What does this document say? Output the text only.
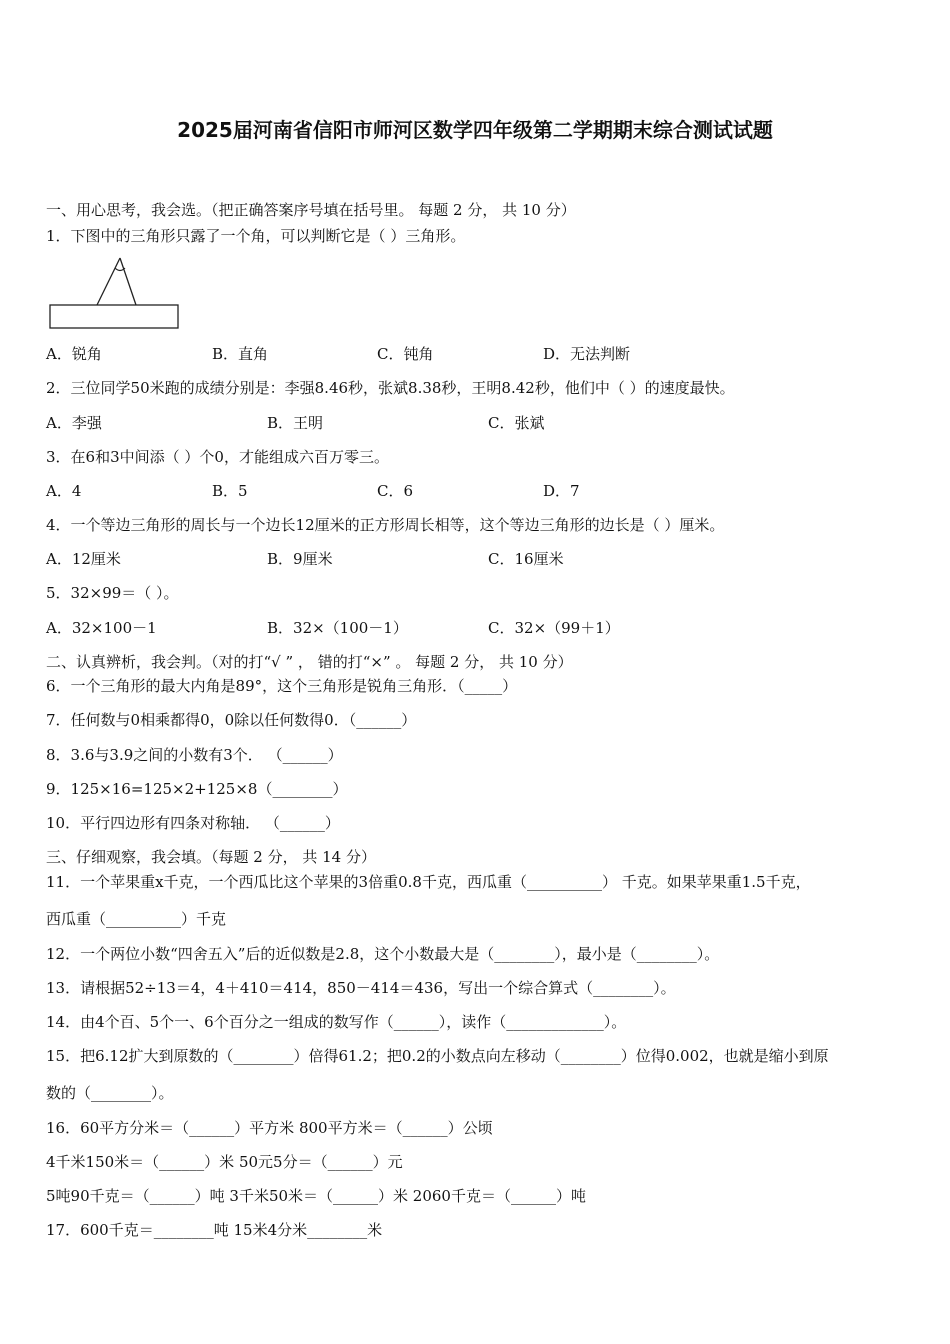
2025届河南省信阳市师河区数学四年级第二学期期末综合测试试题
一、用心思考，我会选。（把正确答案序号填在括号里。 每题 2 分， 共 10 分）
1．下图中的三角形只露了一个角，可以判断它是（ ）三角形。
A．锐角	B．直角	C．钝角	D．无法判断
2．三位同学50米跑的成绩分别是：李强8.46秒，张斌8.38秒，王明8.42秒，他们中（ ）的速度最快。
A．李强	B．王明	C．张斌
3．在6和3中间添（ ）个0，才能组成六百万零三。
A．4	B．5	C．6	D．7
4．一个等边三角形的周长与一个边长12厘米的正方形周长相等，这个等边三角形的边长是（ ）厘米。
A．12厘米	B．9厘米	C．16厘米
5．32×99＝（ ）。
A．32×100－1	B．32×（100－1）	C．32×（99＋1）
二、认真辨析，我会判。（对的打“√ ” ， 错的打“×” 。 每题 2 分， 共 10 分）
6．一个三角形的最大内角是89°，这个三角形是锐角三角形．（_____）
7．任何数与0相乘都得0，0除以任何数得0．（______）
8．3.6与3.9之间的小数有3个． （______）
9．125×16=125×2+125×8（________）
10．平行四边形有四条对称轴． （______）
三、仔细观察，我会填。（每题 2 分， 共 14 分）
11．一个苹果重x千克，一个西瓜比这个苹果的3倍重0.8千克，西瓜重（__________） 千克。如果苹果重1.5千克，
西瓜重（__________）千克
12．一个两位小数“四舍五入”后的近似数是2.8，这个小数最大是（________），最小是（________）。
13．请根据52÷13＝4，4＋410＝414，850－414＝436，写出一个综合算式（________）。
14．由4个百、5个一、6个百分之一组成的数写作（______），读作（_____________）。
15．把6.12扩大到原数的（________）倍得61.2；把0.2的小数点向左移动（________）位得0.002，也就是缩小到原
数的（________）。
16．60平方分米＝（______）平方米 800平方米＝（______）公顷
4千米150米＝（______）米 50元5分＝（______）元
5吨90千克＝（______）吨 3千米50米＝（______）米 2060千克＝（______）吨
17．600千克＝________吨 15米4分米________米
